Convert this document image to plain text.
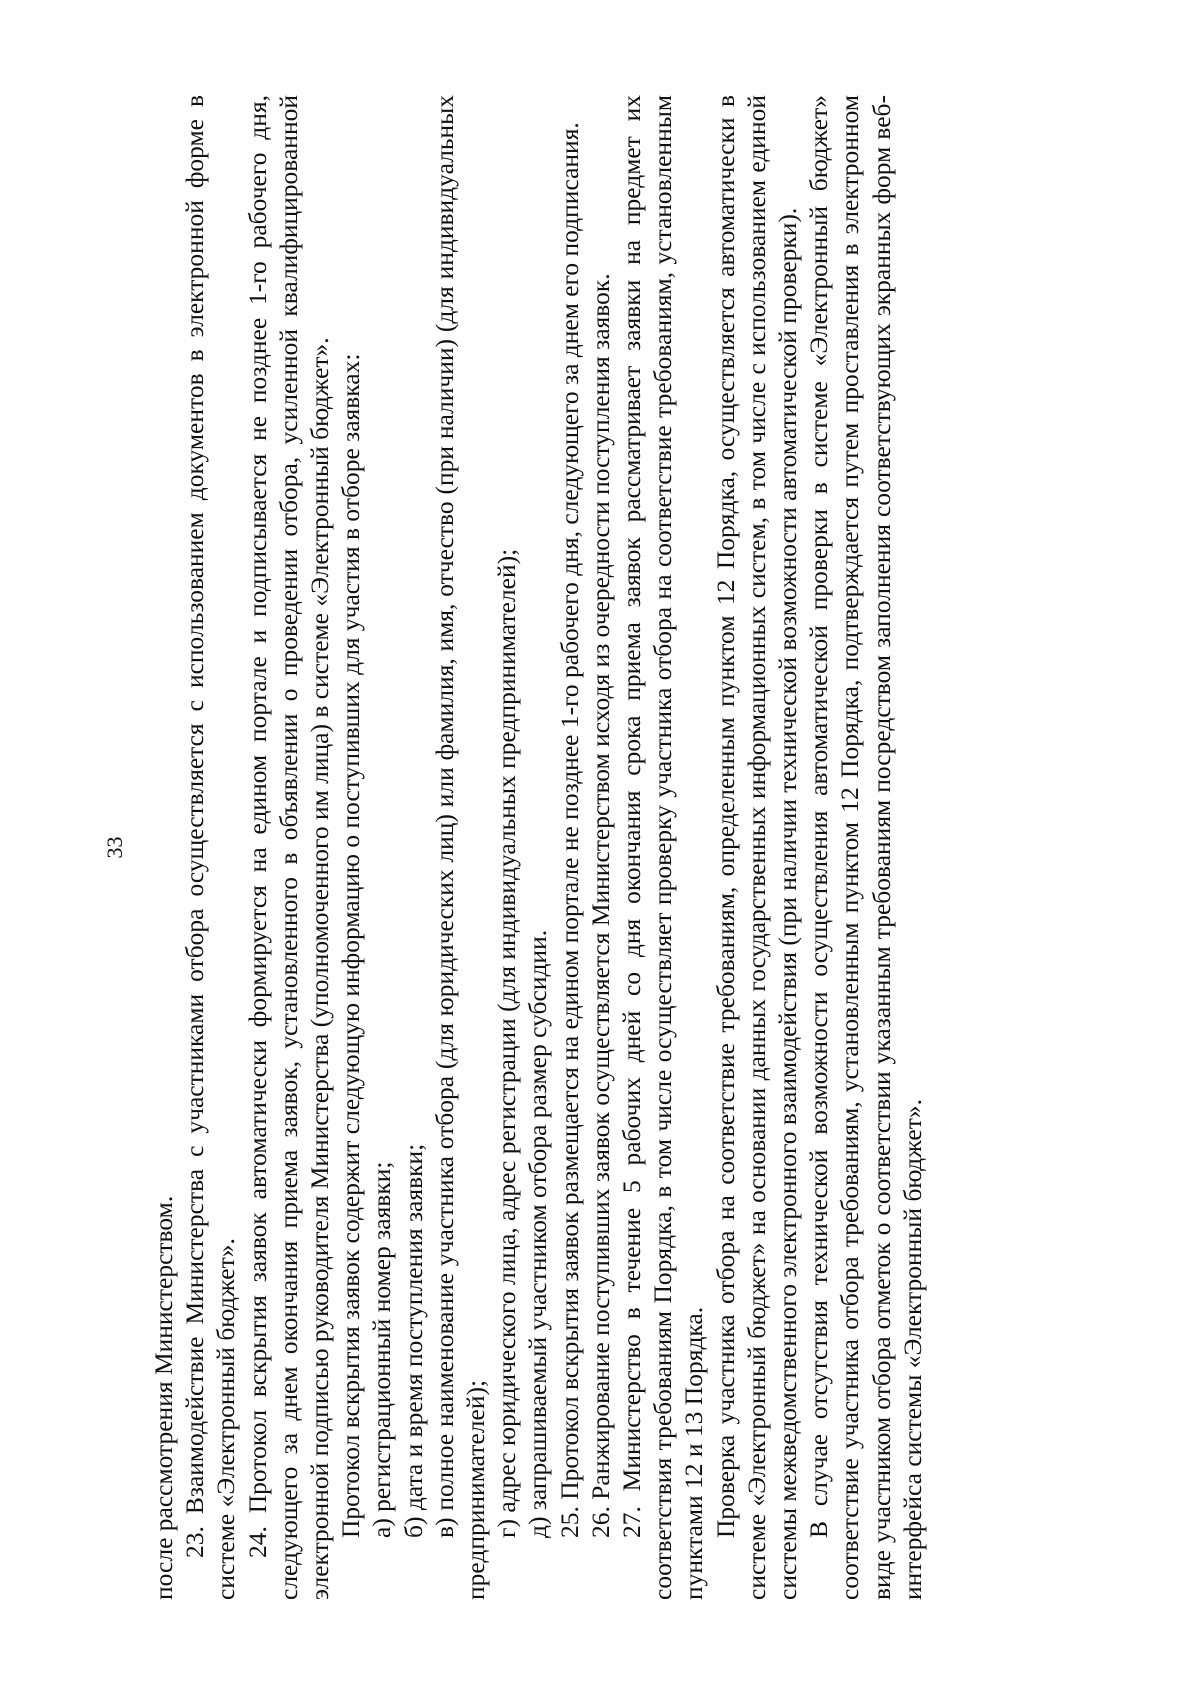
33

после рассмотрения Министерством. 23. Взаимодействие Министерства с участниками отбора осуществляется с использованием документов в электронной форме в системе «Электронный бюджет». 24. Протокол вскрытия заявок автоматически формируется на едином портале и подписывается не позднее 1-го рабочего дня, следующего за днем окончания приема заявок, установленного в объявлении о проведении отбора, усиленной квалифицированной электронной подписью руководителя Министерства (уполномоченного им лица) в системе «Электронный бюджет». Протокол вскрытия заявок содержит следующую информацию о поступивших для участия в отборе заявках: а) регистрационный номер заявки; б) дата и время поступления заявки; в) полное наименование участника отбора (для юридических лиц) или фамилия, имя, отчество (при наличии) (для индивидуальных предпринимателей); г) адрес юридического лица, адрес регистрации (для индивидуальных предпринимателей); д) запрашиваемый участником отбора размер субсидии. 25. Протокол вскрытия заявок размещается на едином портале не позднее 1-го рабочего дня, следующего за днем его подписания. 26. Ранжирование поступивших заявок осуществляется Министерством исходя из очередности поступления заявок. 27. Министерство в течение 5 рабочих дней со дня окончания срока приема заявок рассматривает заявки на предмет их соответствия требованиям Порядка, в том числе осуществляет проверку участника отбора на соответствие требованиям, установленным пунктами 12 и 13 Порядка. Проверка участника отбора на соответствие требованиям, определенным пунктом 12 Порядка, осуществляется автоматически в системе «Электронный бюджет» на основании данных государственных информационных систем, в том числе с использованием единой системы межведомственного электронного взаимодействия (при наличии технической возможности автоматической проверки). В случае отсутствия технической возможности осуществления автоматической проверки в системе «Электронный бюджет» соответствие участника отбора требованиям, установленным пунктом 12 Порядка, подтверждается путем проставления в электронном виде участником отбора отметок о соответствии указанным требованиям посредством заполнения соответствующих экранных форм веб-интерфейса системы «Электронный бюджет».
